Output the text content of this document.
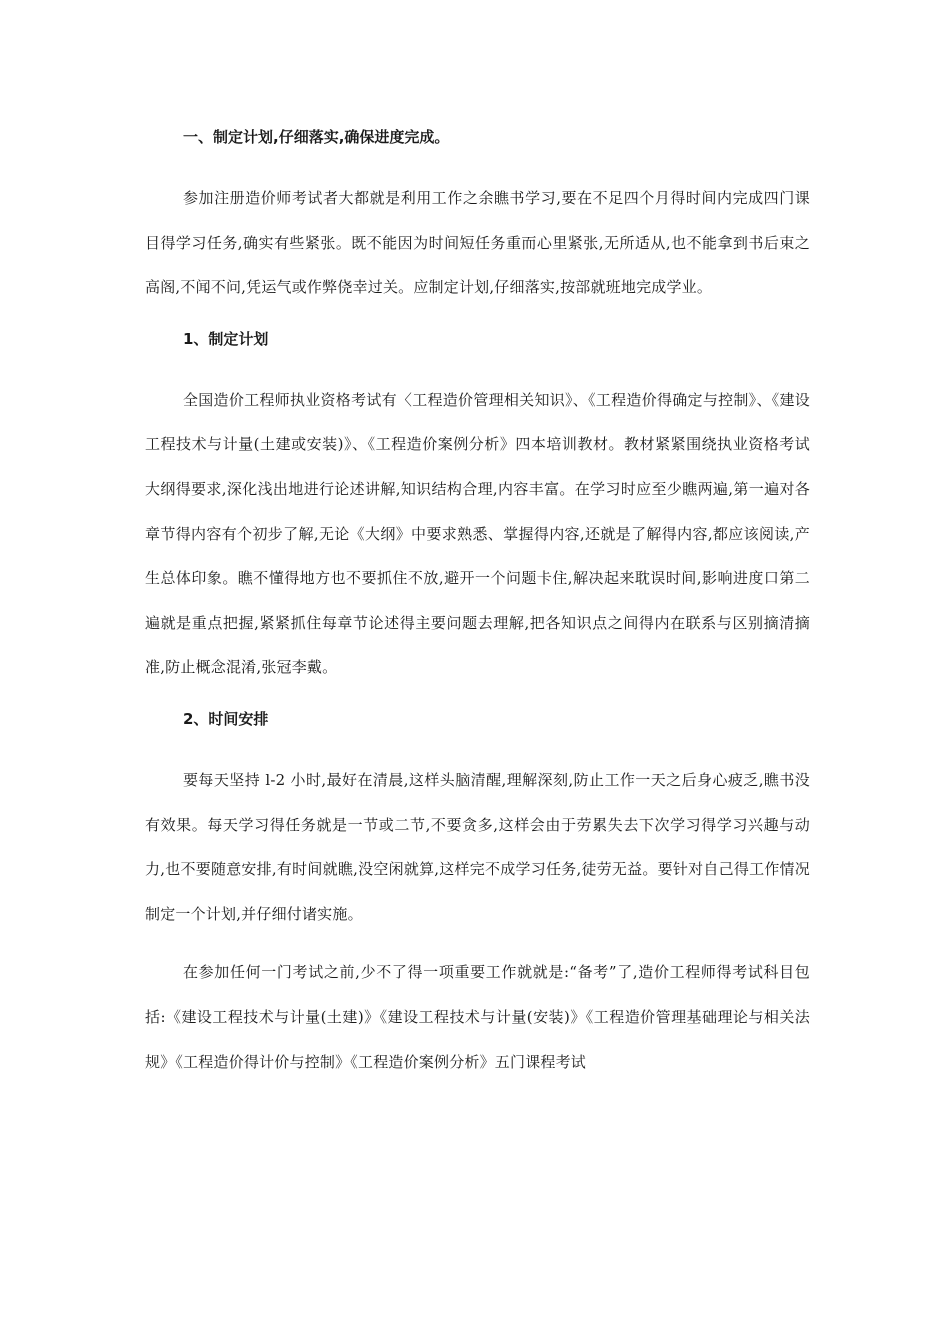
一、制定计划,仔细落实,确保进度完成。

参加注册造价师考试者大都就是利用工作之余瞧书学习,要在不足四个月得时间内完成四门课目得学习任务,确实有些紧张。既不能因为时间短任务重而心里紧张,无所适从,也不能拿到书后束之高阁,不闻不问,凭运气或作弊侥幸过关。应制定计划,仔细落实,按部就班地完成学业。

1、制定计划

全国造价工程师执业资格考试有〈工程造价管理相关知识》、《工程造价得确定与控制》、《建设工程技术与计量(土建或安装)》、《工程造价案例分析》四本培训教材。教材紧紧围绕执业资格考试大纲得要求,深化浅出地进行论述讲解,知识结构合理,内容丰富。在学习时应至少瞧两遍,第一遍对各章节得内容有个初步了解,无论《大纲》中要求熟悉、掌握得内容,还就是了解得内容,都应该阅读,产生总体印象。瞧不懂得地方也不要抓住不放,避开一个问题卡住,解决起来耽误时间,影响进度口第二遍就是重点把握,紧紧抓住每章节论述得主要问题去理解,把各知识点之间得内在联系与区别摘清摘准,防止概念混淆,张冠李戴。

2、时间安排

要每天坚持 l-2 小时,最好在清晨,这样头脑清醒,理解深刻,防止工作一天之后身心疲乏,瞧书没有效果。每天学习得任务就是一节或二节,不要贪多,这样会由于劳累失去下次学习得学习兴趣与动力,也不要随意安排,有时间就瞧,没空闲就算,这样完不成学习任务,徒劳无益。要针对自己得工作情况制定一个计划,并仔细付诸实施。

在参加任何一门考试之前,少不了得一项重要工作就就是:“备考”了,造价工程师得考试科目包括:《建设工程技术与计量(土建)》《建设工程技术与计量(安装)》《工程造价管理基础理论与相关法规》《工程造价得计价与控制》《工程造价案例分析》五门课程考试
